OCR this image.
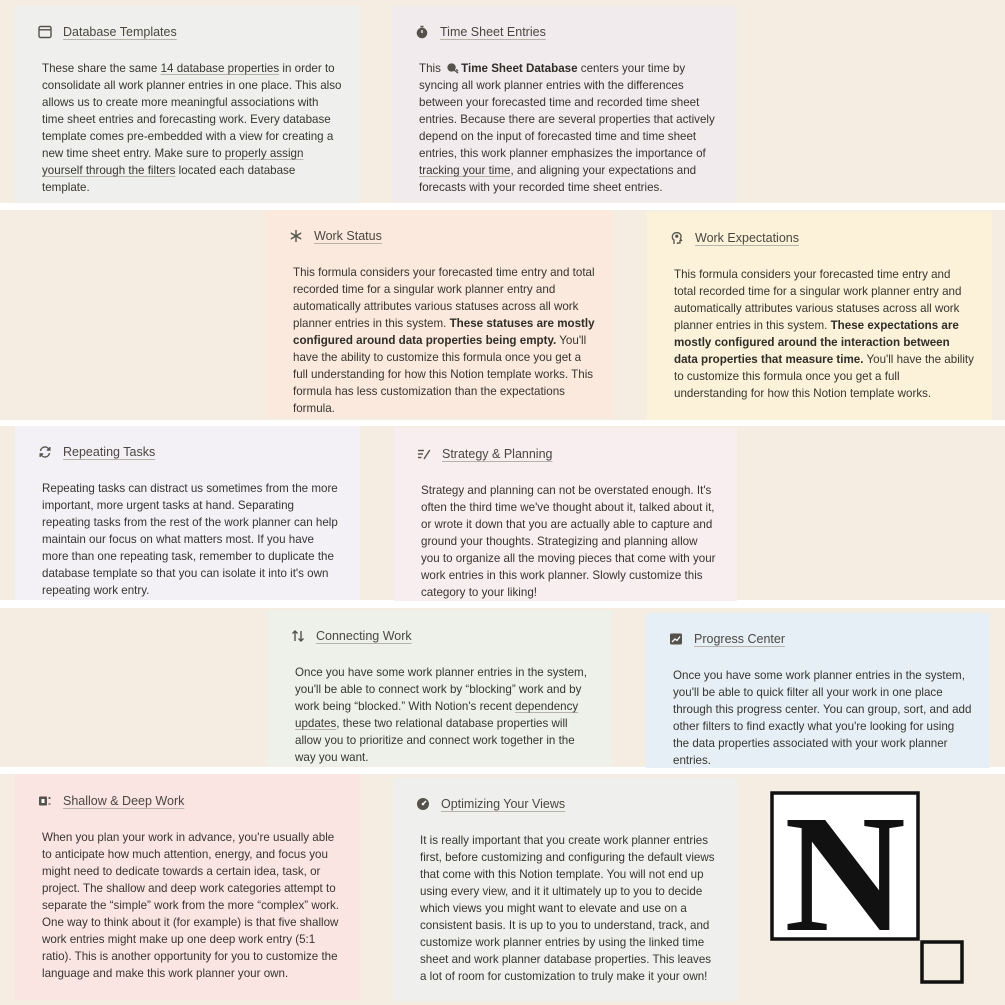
Database Templates
These share the same 14 database properties in order to consolidate all work planner entries in one place. This also allows us to create more meaningful associations with time sheet entries and forecasting work. Every database template comes pre-embedded with a view for creating a new time sheet entry. Make sure to properly assign yourself through the filters located each database template.
Time Sheet Entries
This Time Sheet Database centers your time by syncing all work planner entries with the differences between your forecasted time and recorded time sheet entries. Because there are several properties that actively depend on the input of forecasted time and time sheet entries, this work planner emphasizes the importance of tracking your time, and aligning your expectations and forecasts with your recorded time sheet entries.
Work Status
This formula considers your forecasted time entry and total recorded time for a singular work planner entry and automatically attributes various statuses across all work planner entries in this system. These statuses are mostly configured around data properties being empty. You'll have the ability to customize this formula once you get a full understanding for how this Notion template works. This formula has less customization than the expectations formula.
Work Expectations
This formula considers your forecasted time entry and total recorded time for a singular work planner entry and automatically attributes various statuses across all work planner entries in this system. These expectations are mostly configured around the interaction between data properties that measure time. You'll have the ability to customize this formula once you get a full understanding for how this Notion template works.
Repeating Tasks
Repeating tasks can distract us sometimes from the more important, more urgent tasks at hand. Separating repeating tasks from the rest of the work planner can help maintain our focus on what matters most. If you have more than one repeating task, remember to duplicate the database template so that you can isolate it into it's own repeating work entry.
Strategy & Planning
Strategy and planning can not be overstated enough. It's often the third time we've thought about it, talked about it, or wrote it down that you are actually able to capture and ground your thoughts. Strategizing and planning allow you to organize all the moving pieces that come with your work entries in this work planner. Slowly customize this category to your liking!
Connecting Work
Once you have some work planner entries in the system, you'll be able to connect work by “blocking” work and by work being “blocked.” With Notion's recent dependency updates, these two relational database properties will allow you to prioritize and connect work together in the way you want.
Progress Center
Once you have some work planner entries in the system, you'll be able to quick filter all your work in one place through this progress center. You can group, sort, and add other filters to find exactly what you're looking for using the data properties associated with your work planner entries.
Shallow & Deep Work
When you plan your work in advance, you're usually able to anticipate how much attention, energy, and focus you might need to dedicate towards a certain idea, task, or project. The shallow and deep work categories attempt to separate the “simple” work from the more “complex” work. One way to think about it (for example) is that five shallow work entries might make up one deep work entry (5:1 ratio). This is another opportunity for you to customize the language and make this work planner your own.
Optimizing Your Views
It is really important that you create work planner entries first, before customizing and configuring the default views that come with this Notion template. You will not end up using every view, and it it ultimately up to you to decide which views you might want to elevate and use on a consistent basis. It is up to you to understand, track, and customize work planner entries by using the linked time sheet and work planner database properties. This leaves a lot of room for customization to truly make it your own!
N
